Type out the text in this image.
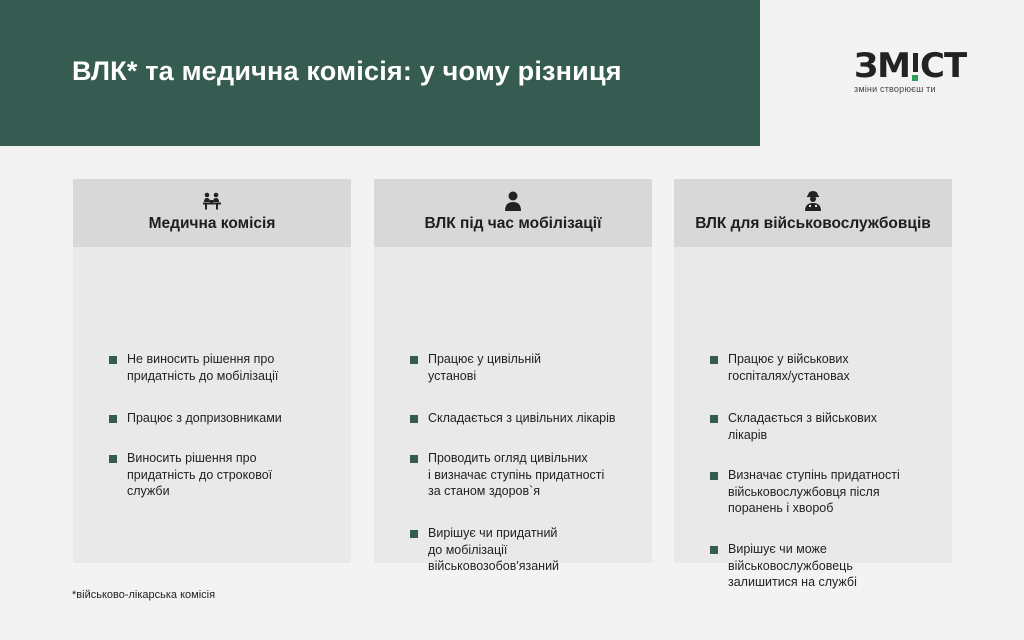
ВЛК* та медична комісія: у чому різниця	ЗМ СТ
зміни створюєш ти
Медична комісія
Не виносить рішення про
придатність до мобілізації
Працює з допризовниками
Виносить рішення про
придатність до строкової
служби
ВЛК під час мобілізації
Працює у цивільній
установі
Складається з цивільних лікарів
Проводить огляд цивільних
і визначає ступінь придатності
за станом здоров`я
Вирішує чи придатний
до мобілізації
військовозобов'язаний
ВЛК для військовослужбовців
Працює у військових
госпіталях/установах
Складається з військових
лікарів
Визначає ступінь придатності
військовослужбовця після
поранень і хвороб
Вирішує чи може
військовослужбовець
залишитися на службі
*військово-лікарська комісія
